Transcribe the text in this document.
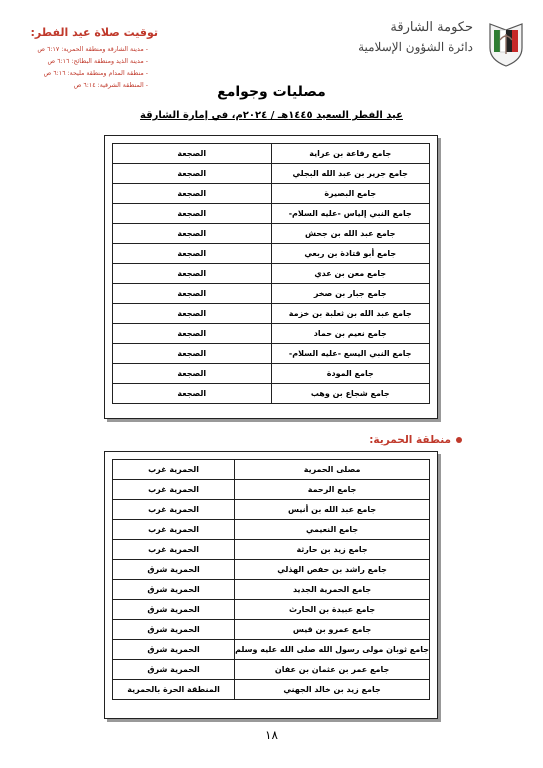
حكومة الشارقة
دائرة الشؤون الإسلامية
توقيت صلاة عيد الفطر:
- مدينة الشارقة ومنطقة الحمرية: ٦:١٧ ص
- مدينة الذيد ومنطقة البطائح: ٦:١٦ ص
- منطقة المدام ومنطقة مليحة: ٦:١٦ ص
- المنطقة الشرقية: ٦:١٤ ص	مصليات وجوامع
عيد الفطر السعيد ١٤٤٥هـ / ٢٠٢٤م، في إمارة الشارقة
جامع رفاعة بن عراية	الصجعة
جامع جرير بن عبد الله البجلي	الصجعة
جامع البصيرة	الصجعة
جامع النبي إلياس -عليه السلام-	الصجعة
جامع عبد الله بن جحش	الصجعة
جامع أبو قتادة بن ربعي	الصجعة
جامع معن بن عدي	الصجعة
جامع جبار بن صخر	الصجعة
جامع عبد الله بن ثعلبة بن خزمة	الصجعة
جامع نعيم بن حماد	الصجعة
جامع النبي اليسع -عليه السلام-	الصجعة
جامع المودة	الصجعة
جامع شجاع بن وهب	الصجعة
منطقة الحمرية:
مصلى الحمرية	الحمرية غرب
جامع الرحمة	الحمرية غرب
جامع عبد الله بن أنيس	الحمرية غرب
جامع النعيمي	الحمرية غرب
جامع زيد بن حارثة	الحمرية غرب
جامع راشد بن حفص الهذلي	الحمرية شرق
جامع الحمرية الجديد	الحمرية شرق
جامع عبيدة بن الحارث	الحمرية شرق
جامع عمرو بن قيس	الحمرية شرق
جامع ثوبان مولى رسول الله صلى الله عليه وسلم	الحمرية شرق
جامع عمر بن عثمان بن عفان	الحمرية شرق
جامع زيد بن خالد الجهني	المنطقة الحرة بالحمرية
١٨
